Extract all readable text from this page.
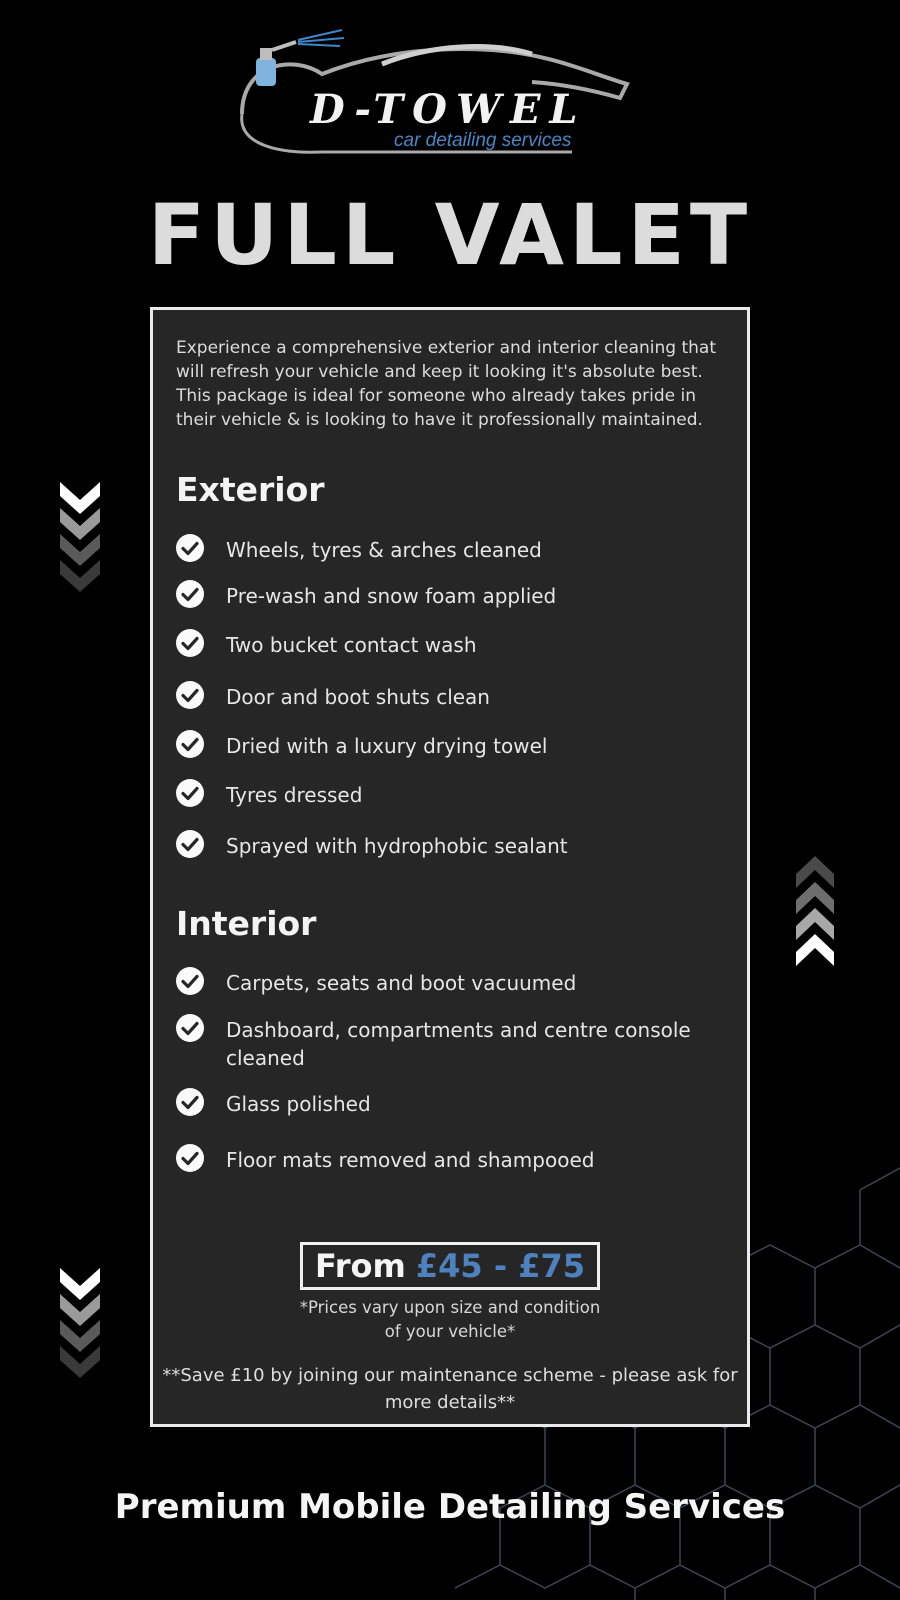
D-TOWEL
car detailing services
FULL VALET
Experience a comprehensive exterior and interior cleaning that will refresh your vehicle and keep it looking it's absolute best. This package is ideal for someone who already takes pride in their vehicle & is looking to have it professionally maintained.
Exterior
Wheels, tyres & arches cleaned
Pre-wash and snow foam applied
Two bucket contact wash
Door and boot shuts clean
Dried with a luxury drying towel
Tyres dressed
Sprayed with hydrophobic sealant
Interior
Carpets, seats and boot vacuumed
Dashboard, compartments and centre console cleaned
Glass polished
Floor mats removed and shampooed
From £45 - £75
*Prices vary upon size and condition of your vehicle*
**Save £10 by joining our maintenance scheme - please ask for more details**
Premium Mobile Detailing Services
